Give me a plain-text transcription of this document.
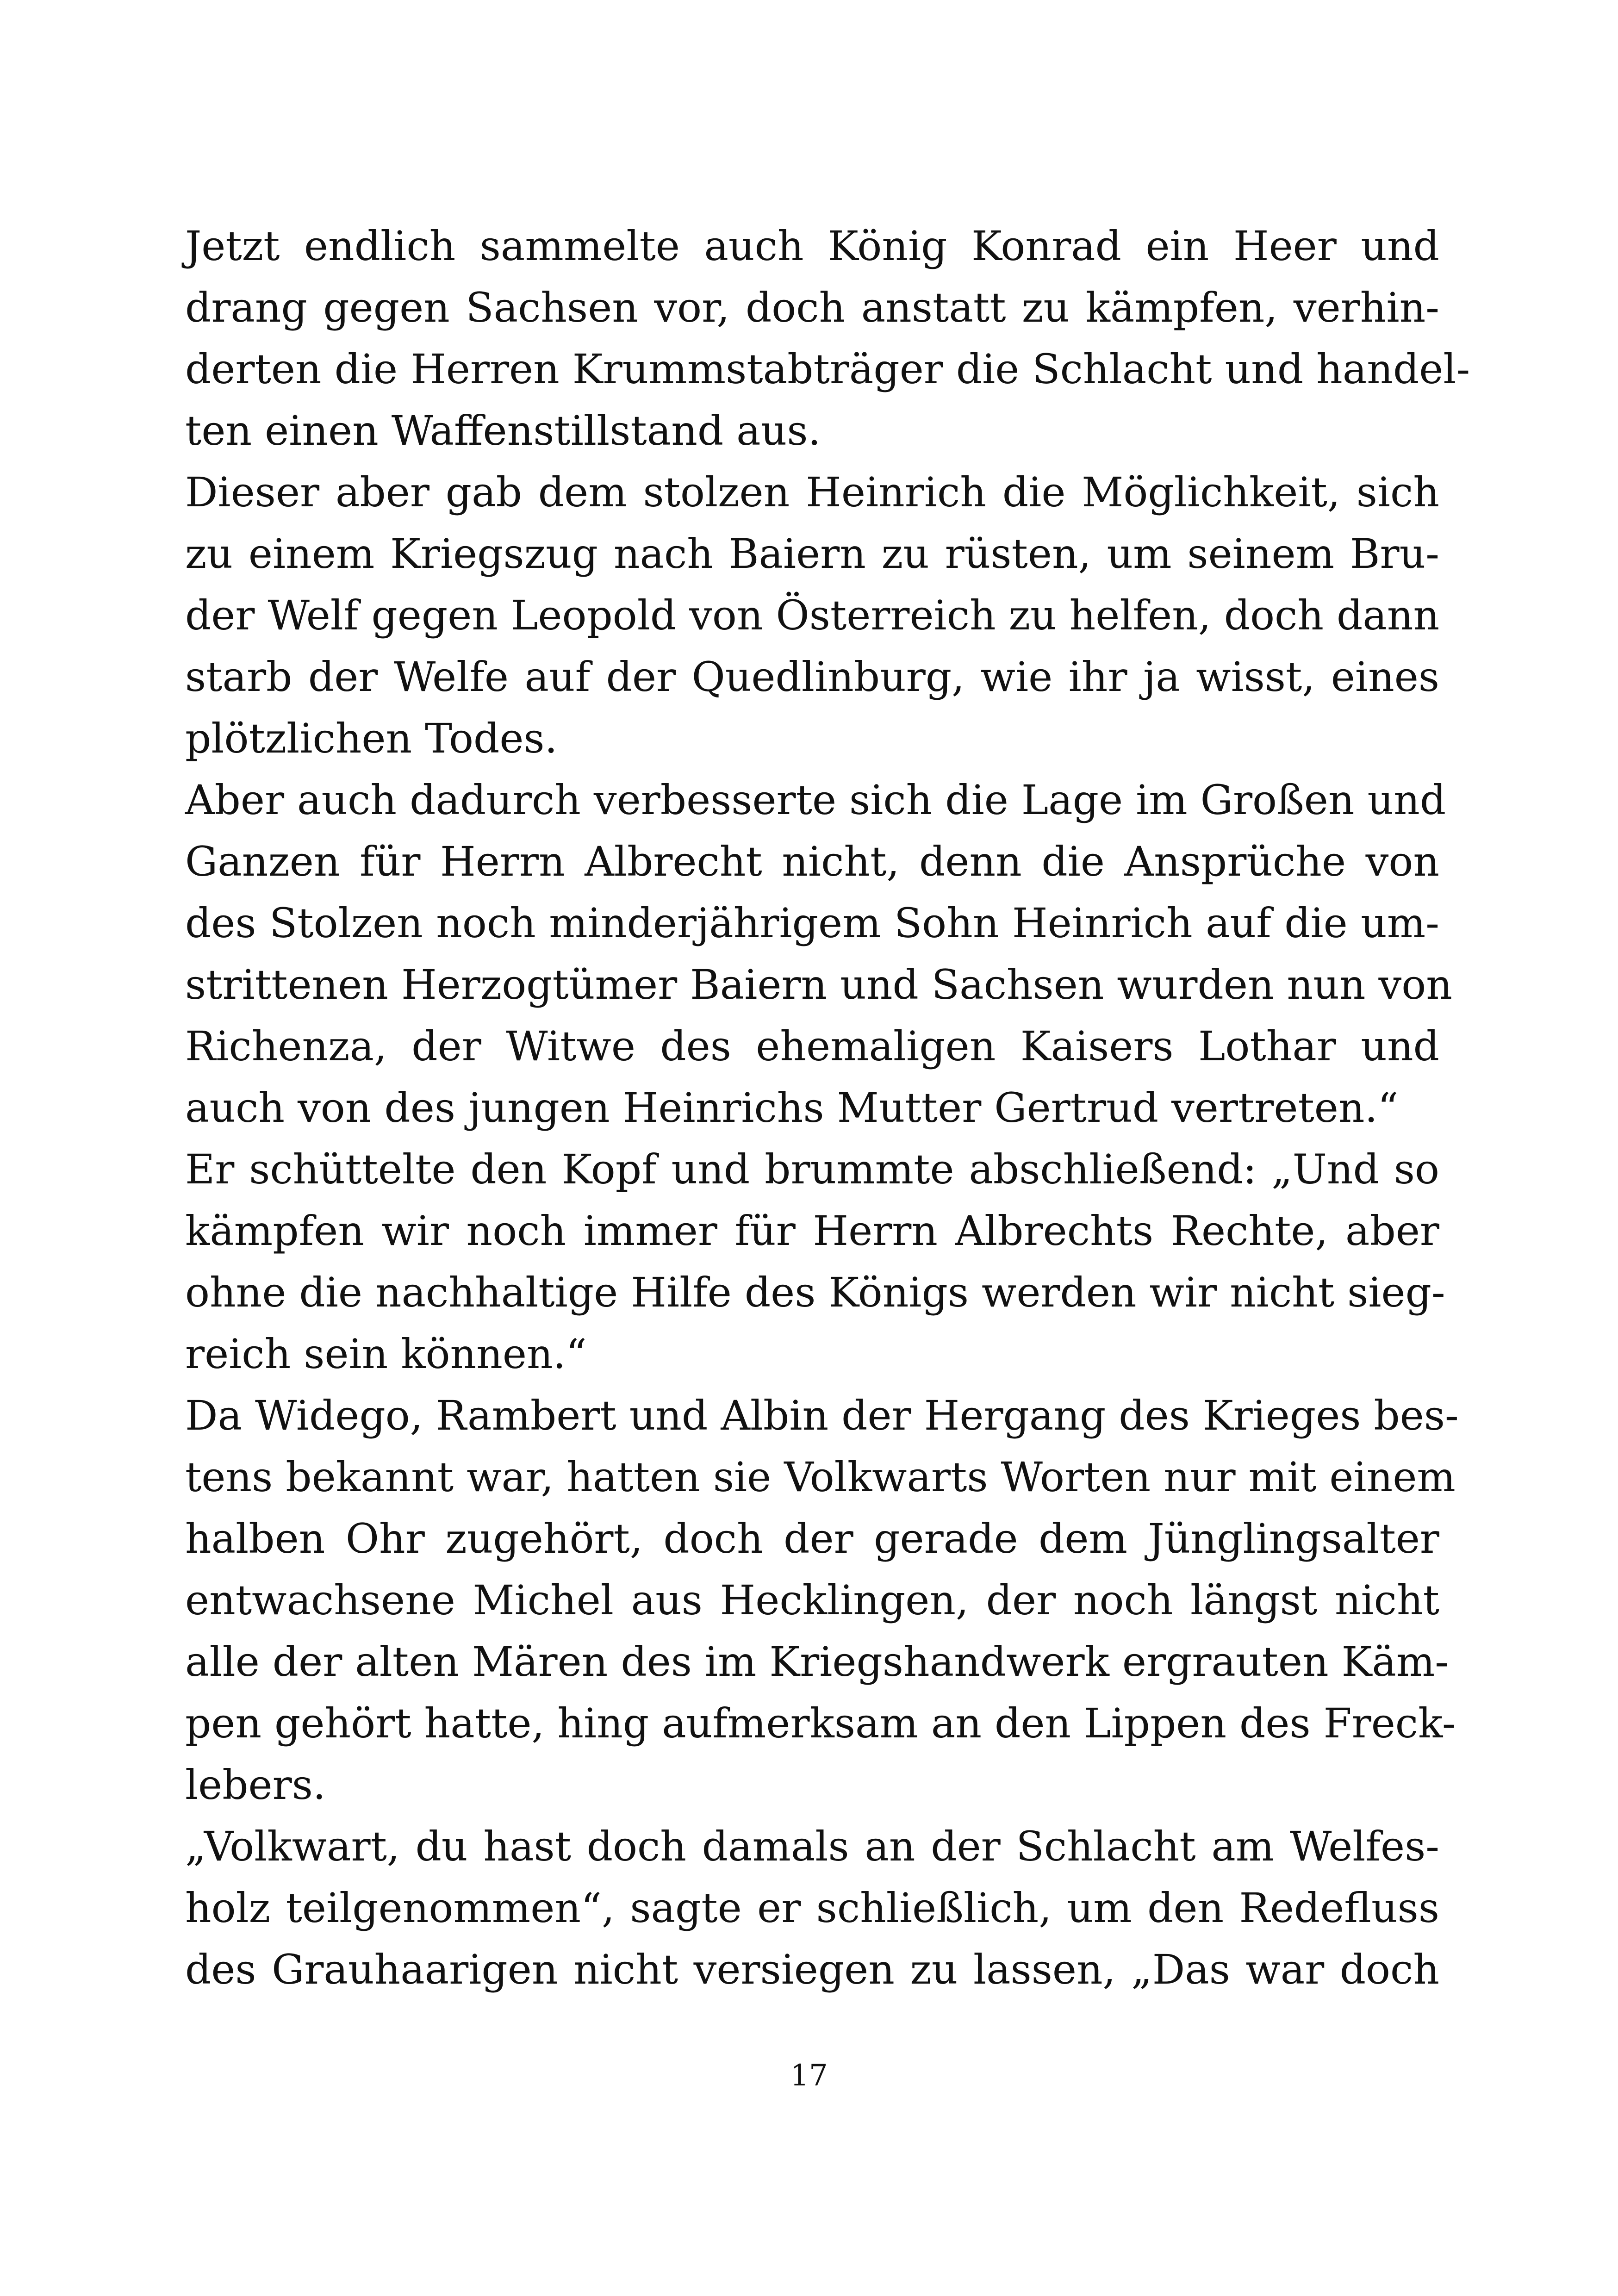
Jetzt endlich sammelte auch König Konrad ein Heer und
drang gegen Sachsen vor, doch anstatt zu kämpfen, verhin-
derten die Herren Krummstabträger die Schlacht und handel-
ten einen Waffenstillstand aus.
Dieser aber gab dem stolzen Heinrich die Möglichkeit, sich
zu einem Kriegszug nach Baiern zu rüsten, um seinem Bru-
der Welf gegen Leopold von Österreich zu helfen, doch dann
starb der Welfe auf der Quedlinburg, wie ihr ja wisst, eines
plötzlichen Todes.
Aber auch dadurch verbesserte sich die Lage im Großen und
Ganzen für Herrn Albrecht nicht, denn die Ansprüche von
des Stolzen noch minderjährigem Sohn Heinrich auf die um-
strittenen Herzogtümer Baiern und Sachsen wurden nun von
Richenza, der Witwe des ehemaligen Kaisers Lothar und
auch von des jungen Heinrichs Mutter Gertrud vertreten.“
Er schüttelte den Kopf und brummte abschließend: „Und so
kämpfen wir noch immer für Herrn Albrechts Rechte, aber
ohne die nachhaltige Hilfe des Königs werden wir nicht sieg-
reich sein können.“
Da Widego, Rambert und Albin der Hergang des Krieges bes-
tens bekannt war, hatten sie Volkwarts Worten nur mit einem
halben Ohr zugehört, doch der gerade dem Jünglingsalter
entwachsene Michel aus Hecklingen, der noch längst nicht
alle der alten Mären des im Kriegshandwerk ergrauten Käm-
pen gehört hatte, hing aufmerksam an den Lippen des Freck-
lebers.
„Volkwart, du hast doch damals an der Schlacht am Welfes-
holz teilgenommen“, sagte er schließlich, um den Redefluss
des Grauhaarigen nicht versiegen zu lassen, „Das war doch
17
